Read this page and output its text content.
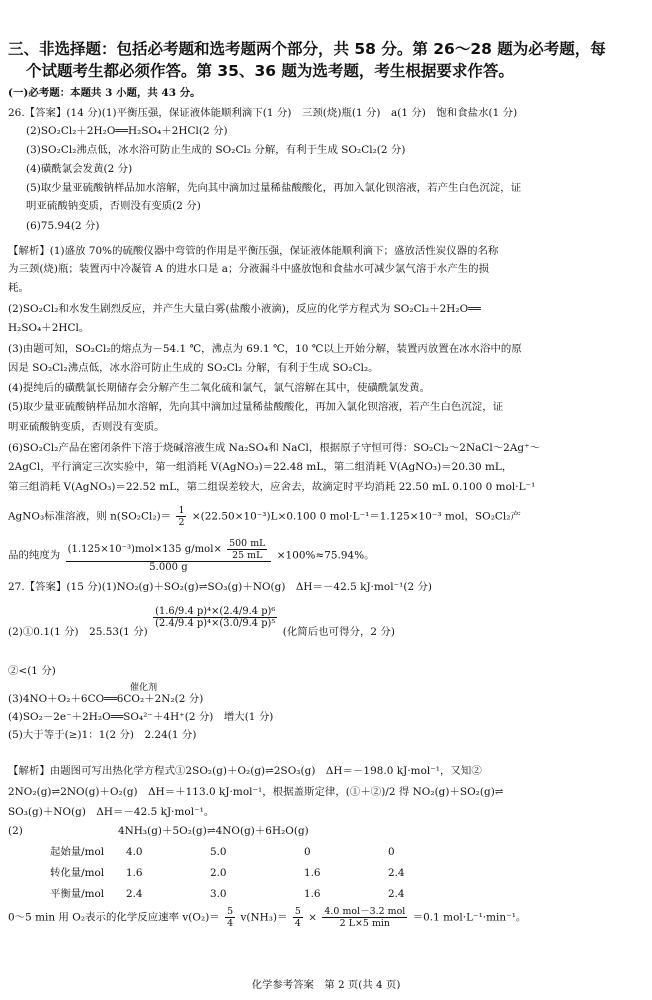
三、非选择题：包括必考题和选考题两个部分，共 58 分。第 26～28 题为必考题，每
个试题考生都必须作答。第 35、36 题为选考题，考生根据要求作答。
(一)必考题：本题共 3 小题，共 43 分。
26.【答案】(14 分)(1)平衡压强，保证液体能顺利滴下(1 分)　三颈(烧)瓶(1 分)　a(1 分)　饱和食盐水(1 分)
(2)SO₂Cl₂＋2H₂O══H₂SO₄＋2HCl(2 分)
(3)SO₂Cl₂沸点低，冰水浴可防止生成的 SO₂Cl₂ 分解，有利于生成 SO₂Cl₂(2 分)
(4)磺酰氯会发黄(2 分)
(5)取少量亚硫酸钠样品加水溶解，先向其中滴加过量稀盐酸酸化，再加入氯化钡溶液，若产生白色沉淀，证
明亚硫酸钠变质，否则没有变质(2 分)
(6)75.94(2 分)
【解析】(1)盛放 70%的硫酸仪器中弯管的作用是平衡压强，保证液体能顺利滴下；盛放活性炭仪器的名称
为三颈(烧)瓶；装置丙中冷凝管 A 的进水口是 a；分液漏斗中盛放饱和食盐水可减少氯气溶于水产生的损
耗。
(2)SO₂Cl₂和水发生剧烈反应，并产生大量白雾(盐酸小液滴)，反应的化学方程式为 SO₂Cl₂＋2H₂O══
H₂SO₄＋2HCl。
(3)由题可知，SO₂Cl₂的熔点为－54.1 ℃，沸点为 69.1 ℃，10 ℃以上开始分解，装置丙放置在冰水浴中的原
因是 SO₂Cl₂沸点低，冰水浴可防止生成的 SO₂Cl₂ 分解，有利于生成 SO₂Cl₂。
(4)提纯后的磺酰氯长期储存会分解产生二氧化硫和氯气，氯气溶解在其中，使磺酰氯发黄。
(5)取少量亚硫酸钠样品加水溶解，先向其中滴加过量稀盐酸酸化，再加入氯化钡溶液，若产生白色沉淀，证
明亚硫酸钠变质，否则没有变质。
(6)SO₂Cl₂产品在密闭条件下溶于烧碱溶液生成 Na₂SO₄和 NaCl，根据原子守恒可得：SO₂Cl₂～2NaCl～2Ag⁺～
2AgCl，平行滴定三次实验中，第一组消耗 V(AgNO₃)＝22.48 mL，第二组消耗 V(AgNO₃)＝20.30 mL，
第三组消耗 V(AgNO₃)＝22.52 mL，第二组误差较大，应舍去，故滴定时平均消耗 22.50 mL 0.100 0 mol·L⁻¹
AgNO₃标准溶液，则 $n(SO_2Cl_2)= \frac{1}{2} \times(22.50\times 10^{-3})L\times 0.100$ 0 mol·L⁻¹＝1.125×10⁻³ mol，SO₂Cl₂产
品的纯度为 $\frac{(1.125\times 10^{-3})mol\times 135 g/mol\times \frac{500 mL}{25 mL}}{5.000 g} \times 100\%\approx 75.94\%$。
27.【答案】(15 分)(1)NO₂(g)＋SO₂(g)⇌SO₃(g)＋NO(g)　ΔH＝－42.5 kJ·mol⁻¹(2 分)
(2)①0.1(1 分)　25.53(1 分)
$\frac{\text{(1.6/9.4 p)⁴×(2.4/9.4 p)⁶}}{\text{(2.4/9.4 p)⁴×(3.0/9.4 p)⁵}}$
(化简后也可得分，2 分)
②<(1 分)
催化剂
(3)4NO＋O₂＋6CO══6CO₂＋2N₂(2 分)
(4)SO₂－2e⁻＋2H₂O══SO₄²⁻＋4H⁺(2 分)　增大(1 分)
(5)大于等于(≥)1：1(2 分)　2.24(1 分)
【解析】由题图可写出热化学方程式①2SO₂(g)＋O₂(g)⇌2SO₃(g)　ΔH＝－198.0 kJ·mol⁻¹，又知②
2NO₂(g)⇌2NO(g)＋O₂(g)　ΔH＝＋113.0 kJ·mol⁻¹，根据盖斯定律，(①＋②)/2 得 NO₂(g)＋SO₂(g)⇌
SO₃(g)＋NO(g)　ΔH＝－42.5 kJ·mol⁻¹。
(2)	4NH₃(g)＋5O₂(g)⇌4NO(g)＋6H₂O(g)
起始量/mol	4.0	5.0	0	0
转化量/mol	1.6	2.0	1.6	2.4
平衡量/mol	2.4	3.0	1.6	2.4
0～5 min 用 O₂表示的化学反应速率 $v(O_2)= \frac{5}{4} v(NH_3)= \frac{5}{4} \times \frac{\text{4.0 mol－3.2 mol}}{2 L\times 5 \min} =0.1$ mol·L⁻¹·min⁻¹。
化学参考答案　第 2 页(共 4 页)
